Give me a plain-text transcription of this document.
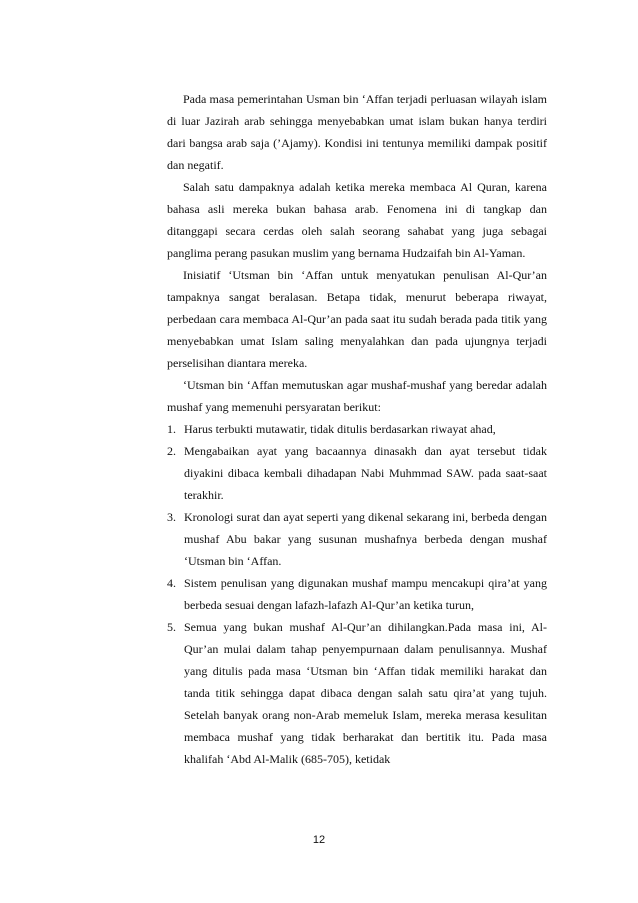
Pada masa pemerintahan Usman bin ‘Affan terjadi perluasan wilayah islam di luar Jazirah arab sehingga menyebabkan umat islam bukan hanya terdiri dari bangsa arab saja (’Ajamy). Kondisi ini tentunya memiliki dampak positif dan negatif.

Salah satu dampaknya adalah ketika mereka membaca Al Quran, karena bahasa asli mereka bukan bahasa arab. Fenomena ini di tangkap dan ditanggapi secara cerdas oleh salah seorang sahabat yang juga sebagai panglima perang pasukan muslim yang bernama Hudzaifah bin Al-Yaman.

Inisiatif ‘Utsman bin ‘Affan untuk menyatukan penulisan Al-Qur’an tampaknya sangat beralasan. Betapa tidak, menurut beberapa riwayat, perbedaan cara membaca Al-Qur’an pada saat itu sudah berada pada titik yang menyebabkan umat Islam saling menyalahkan dan pada ujungnya terjadi perselisihan diantara mereka.

‘Utsman bin ‘Affan memutuskan agar mushaf-mushaf yang beredar adalah mushaf yang memenuhi persyaratan berikut:

1. Harus terbukti mutawatir, tidak ditulis berdasarkan riwayat ahad,
2. Mengabaikan ayat yang bacaannya dinasakh dan ayat tersebut tidak diyakini dibaca kembali dihadapan Nabi Muhmmad SAW. pada saat-saat terakhir.
3. Kronologi surat dan ayat seperti yang dikenal sekarang ini, berbeda dengan mushaf Abu bakar yang susunan mushafnya berbeda dengan mushaf ‘Utsman bin ‘Affan.
4. Sistem penulisan yang digunakan mushaf mampu mencakupi qira’at yang berbeda sesuai dengan lafazh-lafazh Al-Qur’an ketika turun,
5. Semua yang bukan mushaf Al-Qur’an dihilangkan.Pada masa ini, Al-Qur’an mulai dalam tahap penyempurnaan dalam penulisannya. Mushaf yang ditulis pada masa ‘Utsman bin ‘Affan tidak memiliki harakat dan tanda titik sehingga dapat dibaca dengan salah satu qira’at yang tujuh. Setelah banyak orang non-Arab memeluk Islam, mereka merasa kesulitan membaca mushaf yang tidak berharakat dan bertitik itu. Pada masa khalifah ‘Abd Al-Malik (685-705), ketidak
12
